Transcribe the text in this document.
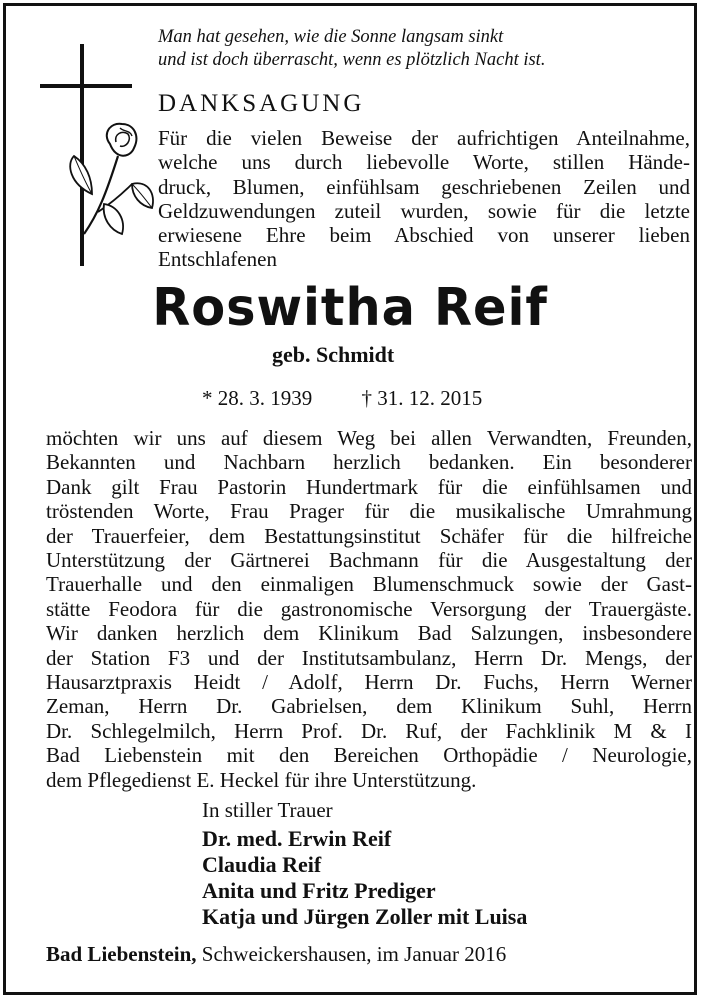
Man hat gesehen, wie die Sonne langsam sinkt
und ist doch überrascht, wenn es plötzlich Nacht ist.
DANKSAGUNG
Für die vielen Beweise der aufrichtigen Anteilnahme,
welche uns durch liebevolle Worte, stillen Hände-
druck, Blumen, einfühlsam geschriebenen Zeilen und
Geldzuwendungen zuteil wurden, sowie für die letzte
erwiesene Ehre beim Abschied von unserer lieben
Entschlafenen
Roswitha Reif
geb. Schmidt
* 28. 3. 1939 † 31. 12. 2015
möchten wir uns auf diesem Weg bei allen Verwandten, Freunden,
Bekannten und Nachbarn herzlich bedanken. Ein besonderer
Dank gilt Frau Pastorin Hundertmark für die einfühlsamen und
tröstenden Worte, Frau Prager für die musikalische Umrahmung
der Trauerfeier, dem Bestattungsinstitut Schäfer für die hilfreiche
Unterstützung der Gärtnerei Bachmann für die Ausgestaltung der
Trauerhalle und den einmaligen Blumenschmuck sowie der Gast-
stätte Feodora für die gastronomische Versorgung der Trauergäste.
Wir danken herzlich dem Klinikum Bad Salzungen, insbesondere
der Station F3 und der Institutsambulanz, Herrn Dr. Mengs, der
Hausarztpraxis Heidt / Adolf, Herrn Dr. Fuchs, Herrn Werner
Zeman, Herrn Dr. Gabrielsen, dem Klinikum Suhl, Herrn
Dr. Schlegelmilch, Herrn Prof. Dr. Ruf, der Fachklinik M & I
Bad Liebenstein mit den Bereichen Orthopädie / Neurologie,
dem Pflegedienst E. Heckel für ihre Unterstützung.
In stiller Trauer
Dr. med. Erwin Reif
Claudia Reif
Anita und Fritz Prediger
Katja und Jürgen Zoller mit Luisa
Bad Liebenstein, Schweickershausen, im Januar 2016
